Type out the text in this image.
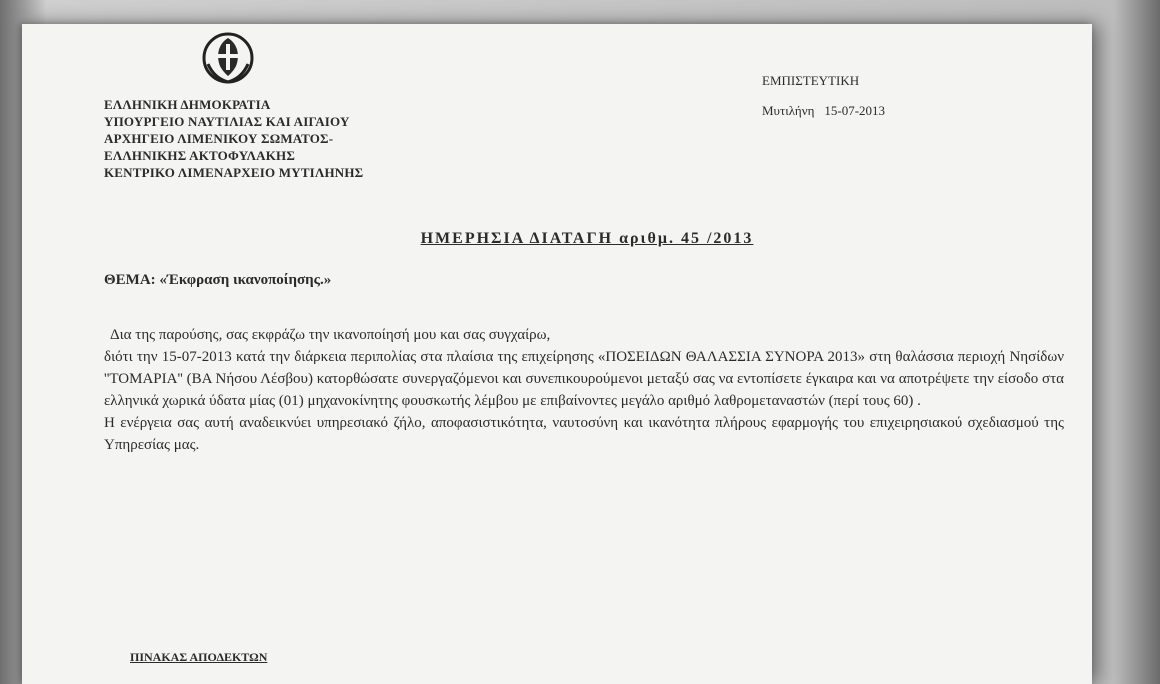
ΕΛΛΗΝΙΚΗ ΔΗΜΟΚΡΑΤΙΑ
ΥΠΟΥΡΓΕΙΟ ΝΑΥΤΙΛΙΑΣ ΚΑΙ ΑΙΓΑΙΟΥ
ΑΡΧΗΓΕΙΟ ΛΙΜΕΝΙΚΟΥ ΣΩΜΑΤΟΣ-
ΕΛΛΗΝΙΚΗΣ ΑΚΤΟΦΥΛΑΚΗΣ
ΚΕΝΤΡΙΚΟ ΛΙΜΕΝΑΡΧΕΙΟ ΜΥΤΙΛΗΝΗΣ
ΕΜΠΙΣΤΕΥΤΙΚΗ
Μυτιλήνη 15-07-2013
ΗΜΕΡΗΣΙΑ ΔΙΑΤΑΓΗ αριθμ. 45 /2013
ΘΕΜΑ: «Έκφραση ικανοποίησης.»

Δια της παρούσης, σας εκφράζω την ικανοποίησή μου και σας συγχαίρω,

διότι την 15-07-2013 κατά την διάρκεια περιπολίας στα πλαίσια της επιχείρησης «ΠΟΣΕΙΔΩΝ ΘΑΛΑΣΣΙΑ ΣΥΝΟΡΑ 2013» στη θαλάσσια περιοχή Νησίδων ''ΤΟΜΑΡΙΑ'' (ΒΑ Νήσου Λέσβου) κατορθώσατε συνεργαζόμενοι και συνεπικουρούμενοι μεταξύ σας να εντοπίσετε έγκαιρα και να αποτρέψετε την είσοδο στα ελληνικά χωρικά ύδατα μίας (01) μηχανοκίνητης φουσκωτής λέμβου με επιβαίνοντες μεγάλο αριθμό λαθρομεταναστών (περί τους 60) .

Η ενέργεια σας αυτή αναδεικνύει υπηρεσιακό ζήλο, αποφασιστικότητα, ναυτοσύνη και ικανότητα πλήρους εφαρμογής του επιχειρησιακού σχεδιασμού της Υπηρεσίας μας.

ΠΙΝΑΚΑΣ ΑΠΟΔΕΚΤΩΝ
